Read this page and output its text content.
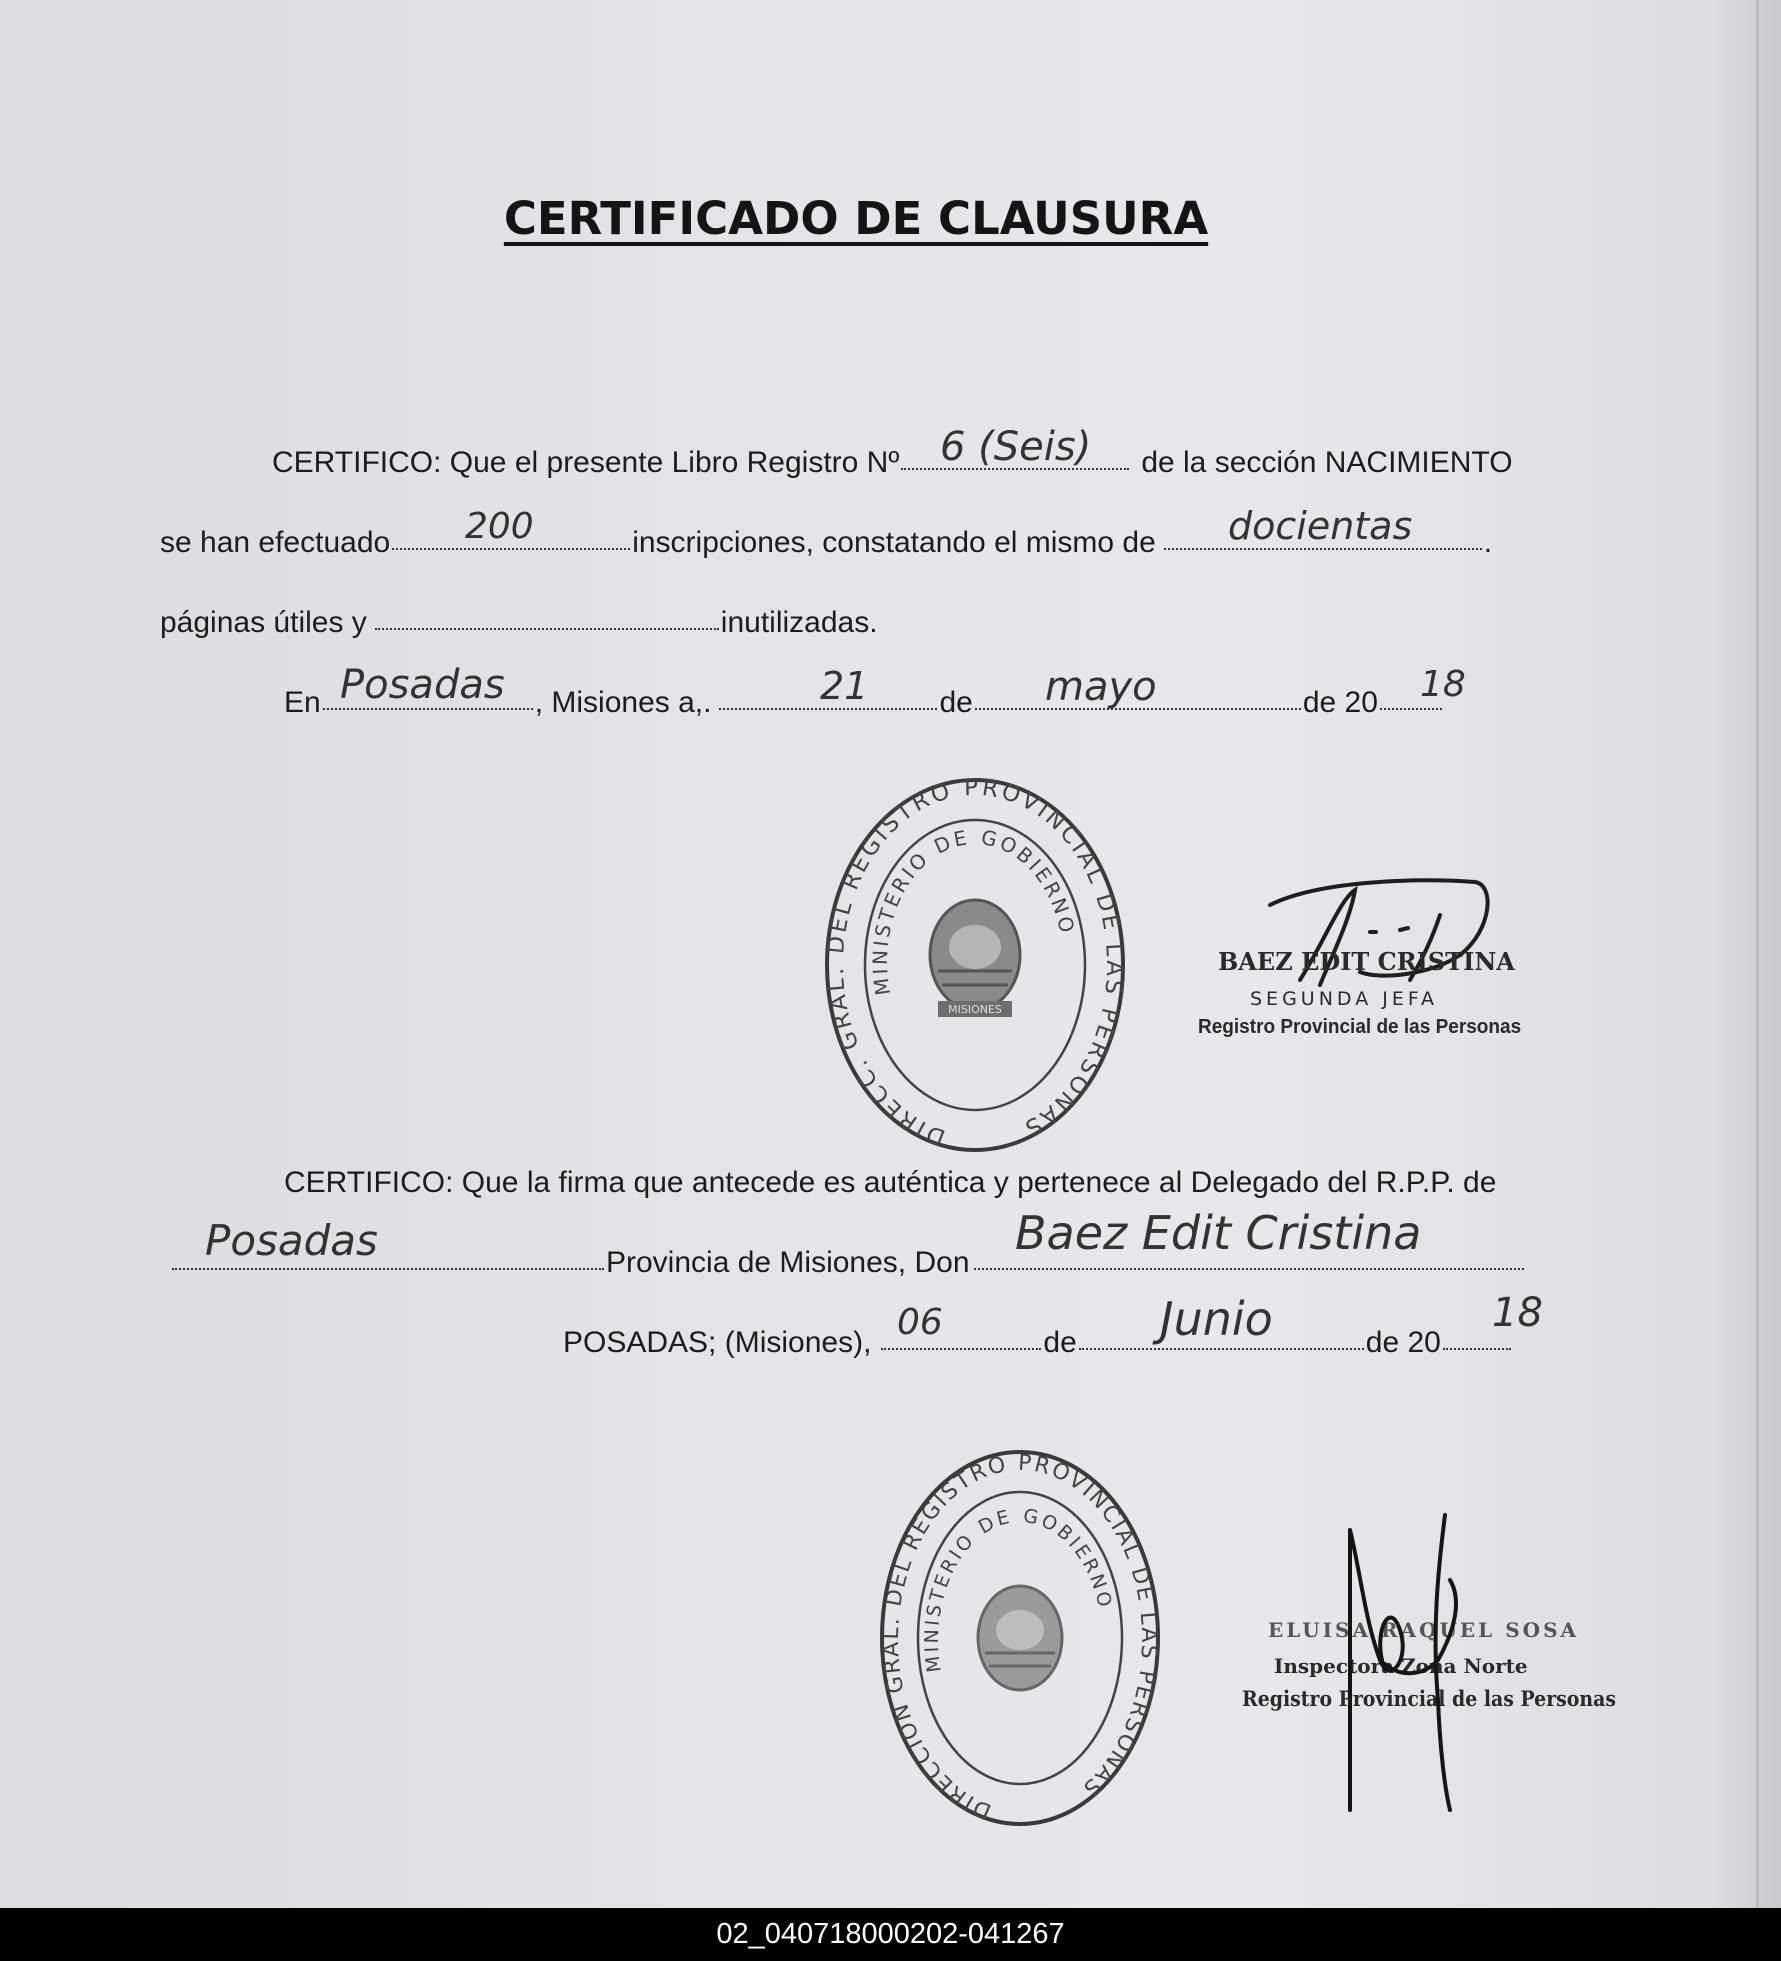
CERTIFICADO DE CLAUSURA
CERTIFICO: Que el presente Libro Registro Nº	de la sección NACIMIENTO
6 (Seis)
se han efectuado	inscripciones, constatando el mismo de	.
200	docientas
páginas útiles y	inutilizadas.
En	, Misiones a,.	de	de 20
Posadas	21	mayo	18
DIRECC. GRAL. DEL REGISTRO PROVINCIAL DE LAS PERSONAS
MINISTERIO DE GOBIERNO
MISIONES
BAEZ EDIT CRISTINA
SEGUNDA JEFA
Registro Provincial de las Personas
CERTIFICO: Que la firma que antecede es auténtica y pertenece al Delegado del R.P.P. de
Provincia de Misiones, Don
Posadas	Baez Edit Cristina
POSADAS; (Misiones),	de	de 20
06	Junio	18
DIRECCION GRAL. DEL REGISTRO PROVINCIAL DE LAS PERSONAS
MINISTERIO DE GOBIERNO
ELUISA RAQUEL SOSA
Inspectora Zona Norte
Registro Provincial de las Personas
02_040718000202-041267
